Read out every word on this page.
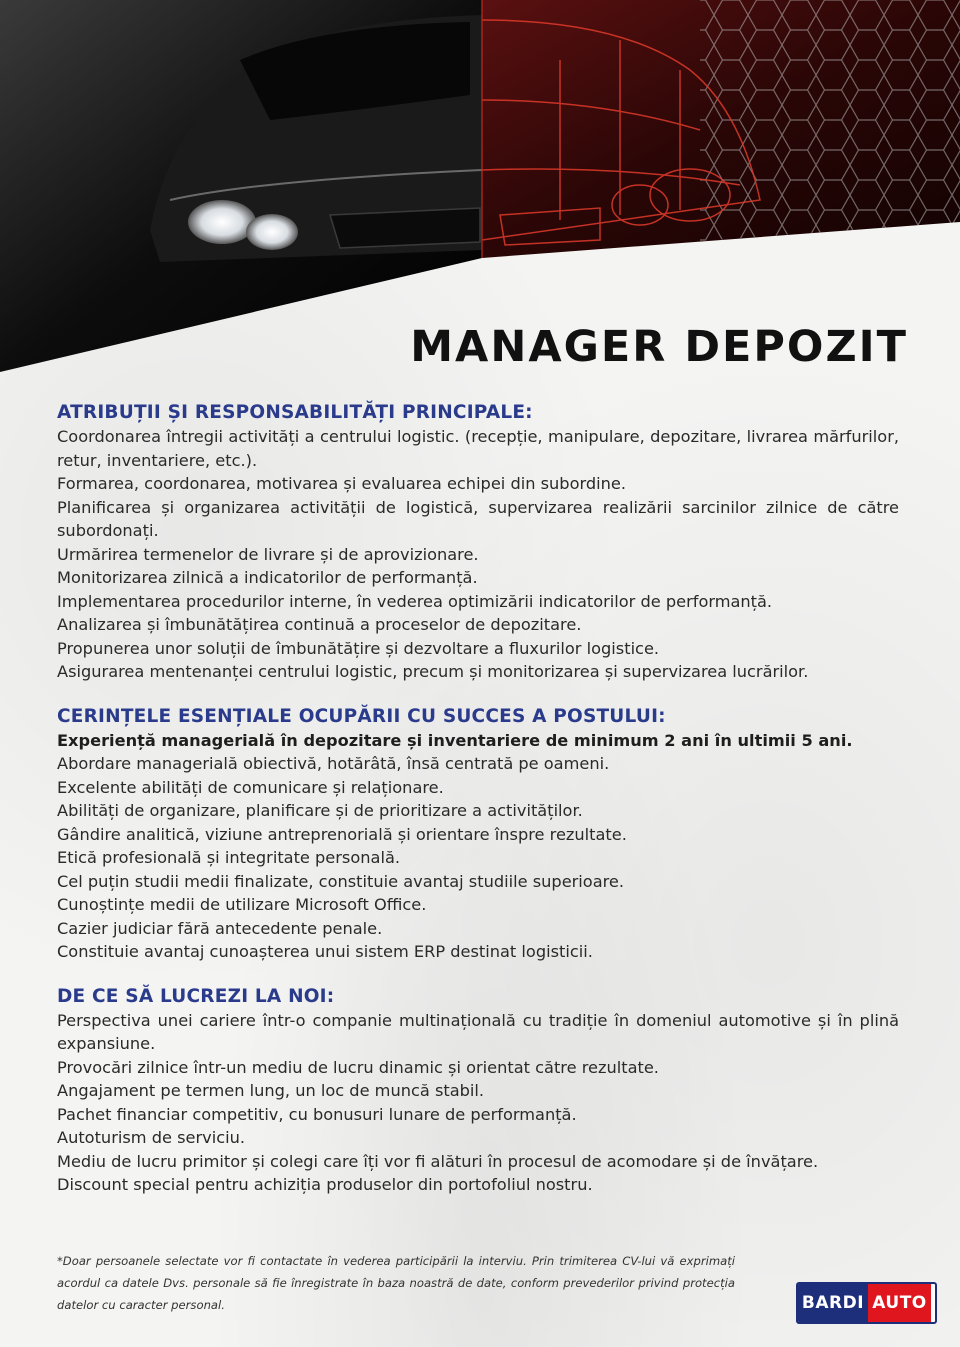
MANAGER DEPOZIT
ATRIBUȚII ȘI RESPONSABILITĂȚI PRINCIPALE:
Coordonarea întregii activități a centrului logistic. (recepție, manipulare, depozitare, livrarea mărfurilor, retur, inventariere, etc.).
Formarea, coordonarea, motivarea și evaluarea echipei din subordine.
Planificarea și organizarea activității de logistică, supervizarea realizării sarcinilor zilnice de către subordonați.
Urmărirea termenelor de livrare și de aprovizionare.
Monitorizarea zilnică a indicatorilor de performanță.
Implementarea procedurilor interne, în vederea optimizării indicatorilor de performanță.
Analizarea și îmbunătățirea continuă a proceselor de depozitare.
Propunerea unor soluții de îmbunătățire și dezvoltare a fluxurilor logistice.
Asigurarea mentenanței centrului logistic, precum și monitorizarea și supervizarea lucrărilor.
CERINȚELE ESENȚIALE OCUPĂRII CU SUCCES A POSTULUI:
Experiență managerială în depozitare și inventariere de minimum 2 ani în ultimii 5 ani.
Abordare managerială obiectivă, hotărâtă, însă centrată pe oameni.
Excelente abilități de comunicare și relaționare.
Abilități de organizare, planificare și de prioritizare a activităților.
Gândire analitică, viziune antreprenorială și orientare înspre rezultate.
Etică profesională și integritate personală.
Cel puțin studii medii finalizate, constituie avantaj studiile superioare.
Cunoștințe medii de utilizare Microsoft Office.
Cazier judiciar fără antecedente penale.
Constituie avantaj cunoașterea unui sistem ERP destinat logisticii.
DE CE SĂ LUCREZI LA NOI:
Perspectiva unei cariere într-o companie multinațională cu tradiție în domeniul automotive și în plină expansiune.
Provocări zilnice într-un mediu de lucru dinamic și orientat către rezultate.
Angajament pe termen lung, un loc de muncă stabil.
Pachet financiar competitiv, cu bonusuri lunare de performanță.
Autoturism de serviciu.
Mediu de lucru primitor și colegi care îți vor fi alături în procesul de acomodare și de învățare.
Discount special pentru achiziția produselor din portofoliul nostru.

*Doar persoanele selectate vor fi contactate în vederea participării la interviu. Prin trimiterea CV-lui vă exprimați acordul ca datele Dvs. personale să fie înregistrate în baza noastră de date, conform prevederilor privind protecția datelor cu caracter personal.	BARDI AUTO
